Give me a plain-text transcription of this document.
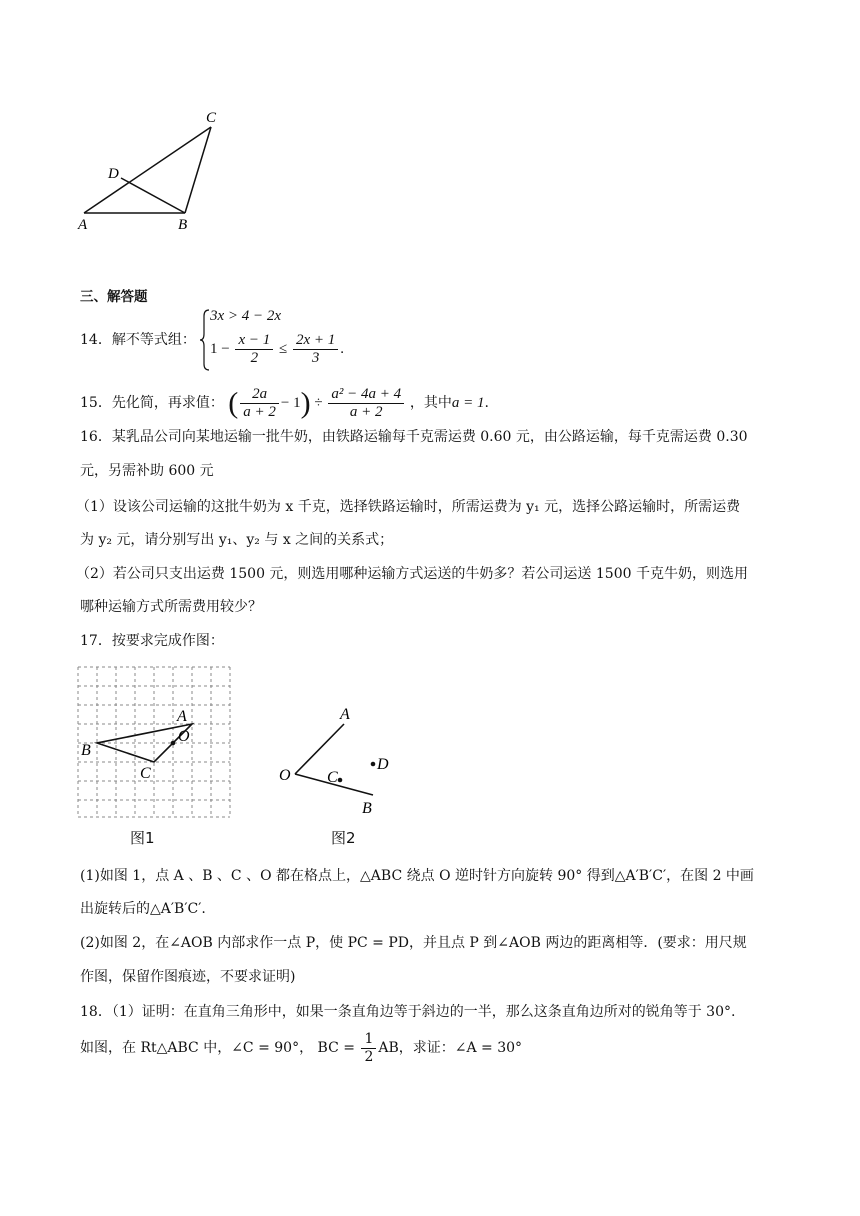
C
D
A	B
三、解答题
14．解不等式组：
3x > 4 − 2x
$1 - \frac{x - 1}{2} \le \frac{2x + 1}{3}$ .
15．先化简，再求值： ( $\frac{2a}{a + 2} - 1) \div \frac{\text{a² − 4a + 4}}{a + 2}$ ，其中a = 1.
16．某乳品公司向某地运输一批牛奶，由铁路运输每千克需运费 0.60 元，由公路运输，每千克需运费 0.30
元，另需补助 600 元
（1）设该公司运输的这批牛奶为 x 千克，选择铁路运输时，所需运费为 y₁ 元，选择公路运输时，所需运费
为 y₂ 元，请分别写出 y₁、y₂ 与 x 之间的关系式；
（2）若公司只支出运费 1500 元，则选用哪种运输方式运送的牛奶多？若公司运送 1500 千克牛奶，则选用
哪种运输方式所需费用较少？
17．按要求完成作图：
A
B
C
O
图1
A
O C
D
B
图2
(1)如图 1，点 A 、B 、C 、O 都在格点上，△ABC 绕点 O 逆时针方向旋转 90° 得到△A′B′C′，在图 2 中画
出旋转后的△A′B′C′.
(2)如图 2，在∠AOB 内部求作一点 P，使 PC = PD，并且点 P 到∠AOB 两边的距离相等．(要求：用尺规
作图，保留作图痕迹，不要求证明)
18．（1）证明：在直角三角形中，如果一条直角边等于斜边的一半，那么这条直角边所对的锐角等于 30°.
如图，在 Rt△ABC 中，∠C = 90°， BC = $\frac{1}{2}$ AB，求证：∠A = 30°
